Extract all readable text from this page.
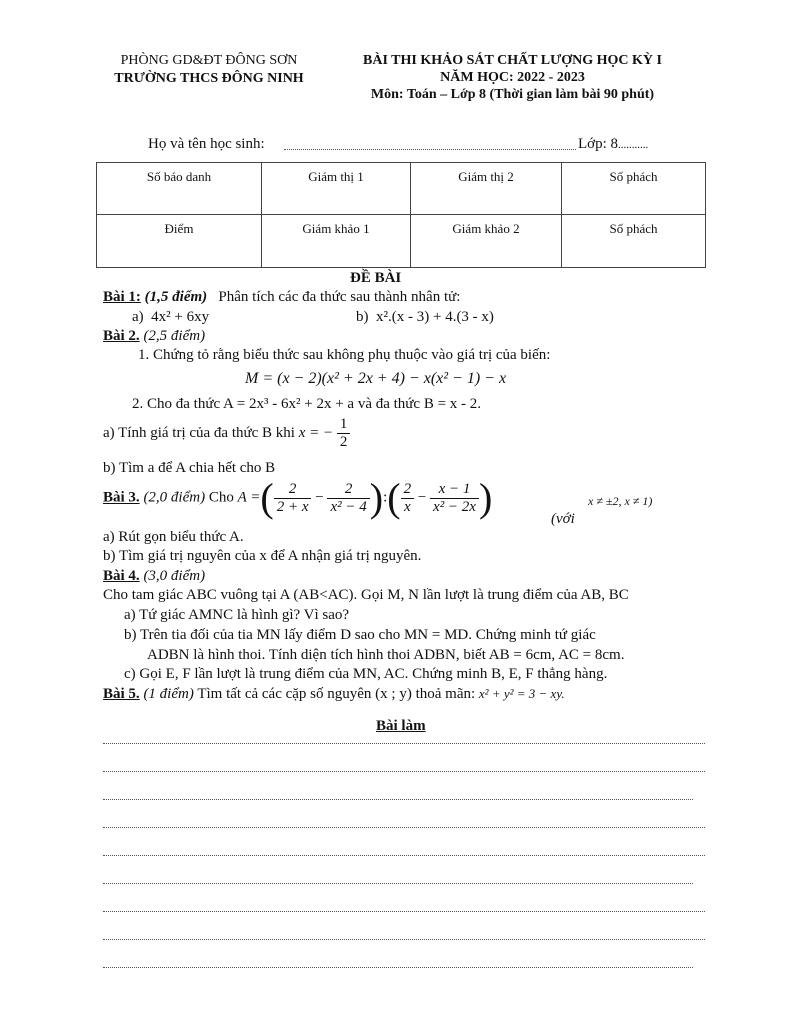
PHÒNG GD&ĐT ĐÔNG SƠN
TRƯỜNG THCS ĐÔNG NINH
BÀI THI KHẢO SÁT CHẤT LƯỢNG HỌC KỲ I
NĂM HỌC: 2022 - 2023
Môn: Toán – Lớp 8 (Thời gian làm bài 90 phút)
Họ và tên học sinh:	Lớp: 8...........
Số báo danh	Giám thị 1	Giám thị 2	Số phách
Điểm	Giám khảo 1	Giám khảo 2	Số phách
ĐỀ BÀI
Bài 1: (1,5 điểm) Phân tích các đa thức sau thành nhân tử:
a) 4x² + 6xy	b) x².(x - 3) + 4.(3 - x)
Bài 2. (2,5 điểm)
1. Chứng tỏ rằng biểu thức sau không phụ thuộc vào giá trị của biến:
M = (x − 2)(x² + 2x + 4) − x(x² − 1) − x
2. Cho đa thức A = 2x³ - 6x² + 2x + a và đa thức B = x - 2.
a) Tính giá trị của đa thức B khi x = − $\frac{1}{2}$
b) Tìm a để A chia hết cho B
Bài 3. (2,0 điểm) Cho A =( $\frac{2}{2 + x} - \frac{2}{\text{x² − 4}}$ ):( $\frac{2}{x} - \frac{x - 1}{\text{x² − 2x}}$ )	(với
x ≠ ±2, x ≠ 1)
a) Rút gọn biểu thức A.
b) Tìm giá trị nguyên của x để A nhận giá trị nguyên.
Bài 4. (3,0 điểm)
Cho tam giác ABC vuông tại A (AB<AC). Gọi M, N lần lượt là trung điểm của AB, BC
a) Tứ giác AMNC là hình gì? Vì sao?
b) Trên tia đối của tia MN lấy điểm D sao cho MN = MD. Chứng minh tứ giác
ADBN là hình thoi. Tính diện tích hình thoi ADBN, biết AB = 6cm, AC = 8cm.
c) Gọi E, F lần lượt là trung điểm của MN, AC. Chứng minh B, E, F thẳng hàng.
Bài 5. (1 điểm) Tìm tất cả các cặp số nguyên (x ; y) thoả mãn: x² + y² = 3 − xy.
Bài làm
